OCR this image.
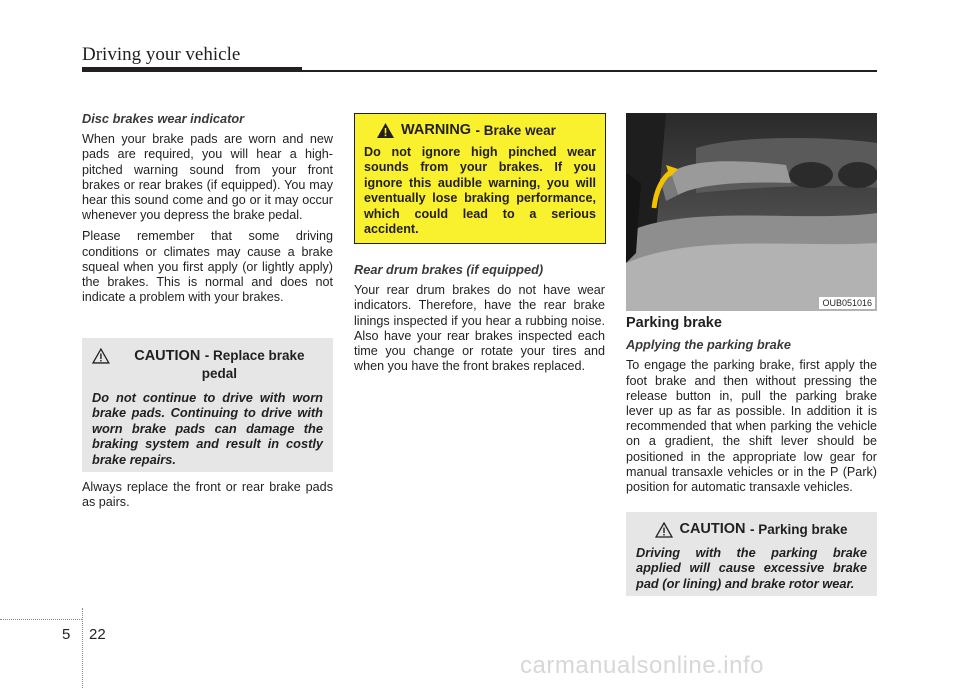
Driving your vehicle

Disc brakes wear indicator

When your brake pads are worn and new pads are required, you will hear a high-pitched warning sound from your front brakes or rear brakes (if equipped). You may hear this sound come and go or it may occur whenever you depress the brake pedal.

Please remember that some driving conditions or climates may cause a brake squeal when you first apply (or lightly apply) the brakes. This is normal and does not indicate a problem with your brakes.

CAUTION - Replace brake pedal
Do not continue to drive with worn brake pads. Continuing to drive with worn brake pads can damage the braking system and result in costly brake repairs.

Always replace the front or rear brake pads as pairs.

WARNING
- Brake wear
Do not ignore high pinched wear sounds from your brakes. If you ignore this audible warning, you will eventually lose braking performance, which could lead to a serious accident.

Rear drum brakes (if equipped)

Your rear drum brakes do not have wear indicators. Therefore, have the rear brake linings inspected if you hear a rubbing noise. Also have your rear brakes inspected each time you change or rotate your tires and when you have the front brakes replaced.

OUB051016

Parking brake

Applying the parking brake

To engage the parking brake, first apply the foot brake and then without pressing the release button in, pull the parking brake lever up as far as possible. In addition it is recommended that when parking the vehicle on a gradient, the shift lever should be positioned in the appropriate low gear for manual transaxle vehicles or in the P (Park) position for automatic transaxle vehicles.

CAUTION
- Parking brake
Driving with the parking brake applied will cause excessive brake pad (or lining) and brake rotor wear.
5 22
carmanualsonline.info
